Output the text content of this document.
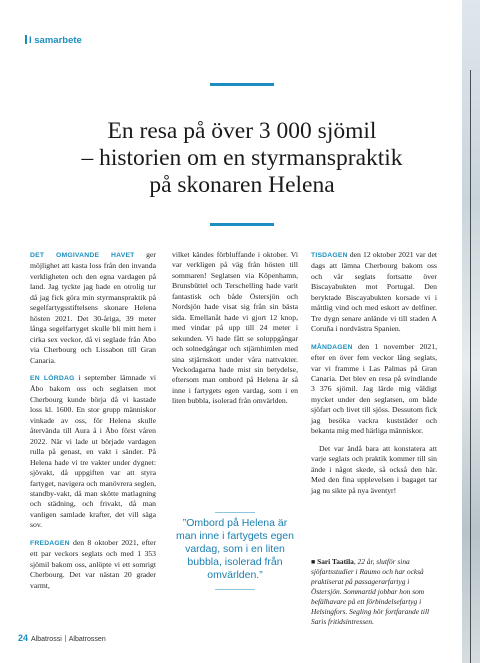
I samarbete
En resa på över 3 000 sjömil
– historien om en styrmanspraktik
på skonaren Helena

DET OMGIVANDE HAVET ger möjlighet att kasta loss från den invanda verkligheten och den egna vardagen på land. Jag tyckte jag hade en otrolig tur då jag fick göra min styrmanspraktik på segelfartygsstiftelsens skonare Helena hösten 2021. Det 30-åriga, 39 meter långa segelfartyget skulle bli mitt hem i cirka sex veckor, då vi seglade från Åbo via Cherbourg och Lissabon till Gran Canaria.

EN LÖRDAG i september lämnade vi Åbo bakom oss och seglatsen mot Cherbourg kunde börja då vi kastade loss kl. 1600. En stor grupp människor vinkade av oss, för Helena skulle återvända till Aura å i Åbo först våren 2022. När vi lade ut började vardagen rulla på genast, en vakt i sänder. På Helena hade vi tre vakter under dygnet: sjövakt, då uppgiften var att styra fartyget, navigera och manövrera seglen, standby-vakt, då man skötte matlagning och städning, och frivakt, då man vanligen samlade krafter, det vill säga sov.

FREDAGEN den 8 oktober 2021, efter ett par veckors seglats och med 1 353 sjömil bakom oss, anlöpte vi ett somrigt Cherbourg. Det var nästan 20 grader varmt,

vilket kändes förbluffande i oktober. Vi var verkligen på väg från hösten till sommaren! Seglatsen via Köpenhamn, Brunsbüttel och Terschelling hade varit fantastisk och både Östersjön och Nordsjön hade visat sig från sin bästa sida. Emellanåt hade vi gjort 12 knop, med vindar på upp till 24 meter i sekunden. Vi hade fått se soluppgångar och solnedgångar och stjärnhimlen med sina stjärnskott under våra nattvakter. Veckodagarna hade mist sin betydelse, eftersom man ombord på Helena är så inne i fartygets egen vardag, som i en liten bubbla, isolerad från omvärlden.

”Ombord på Helena är man inne i fartygets egen vardag, som i en liten bubbla, isolerad från omvärlden.”

TISDAGEN den 12 oktober 2021 var det dags att lämna Cherbourg bakom oss och vår seglats fortsatte över Biscayabukten mot Portugal. Den beryktade Biscayabukten korsade vi i måttlig vind och med eskort av delfiner. Tre dygn senare anlände vi till staden A Coruña i nordvästra Spanien.

MÅNDAGEN den 1 november 2021, efter en över fem veckor lång seglats, var vi framme i Las Palmas på Gran Canaria. Det blev en resa på svindlande 3 376 sjömil. Jag lärde mig väldigt mycket under den seglatsen, om både sjöfart och livet till sjöss. Dessutom fick jag besöka vackra kuststäder och bekanta mig med härliga människor.

Det var ändå bara att konstatera att varje seglats och praktik kommer till sin ände i något skede, så också den här. Med den fina upplevelsen i bagaget tar jag nu sikte på nya äventyr!

■ Sari Taatila, 22 år, slutför sina sjöfartsstudier i Raumo och har också praktiserat på passagerarfartyg i Östersjön. Sommartid jobbar hon som befälhavare på ett förbindelsefartyg i Helsingfors. Segling hör fortfarande till Saris fritidsintressen.
24 Albatrossi Albatrossen
